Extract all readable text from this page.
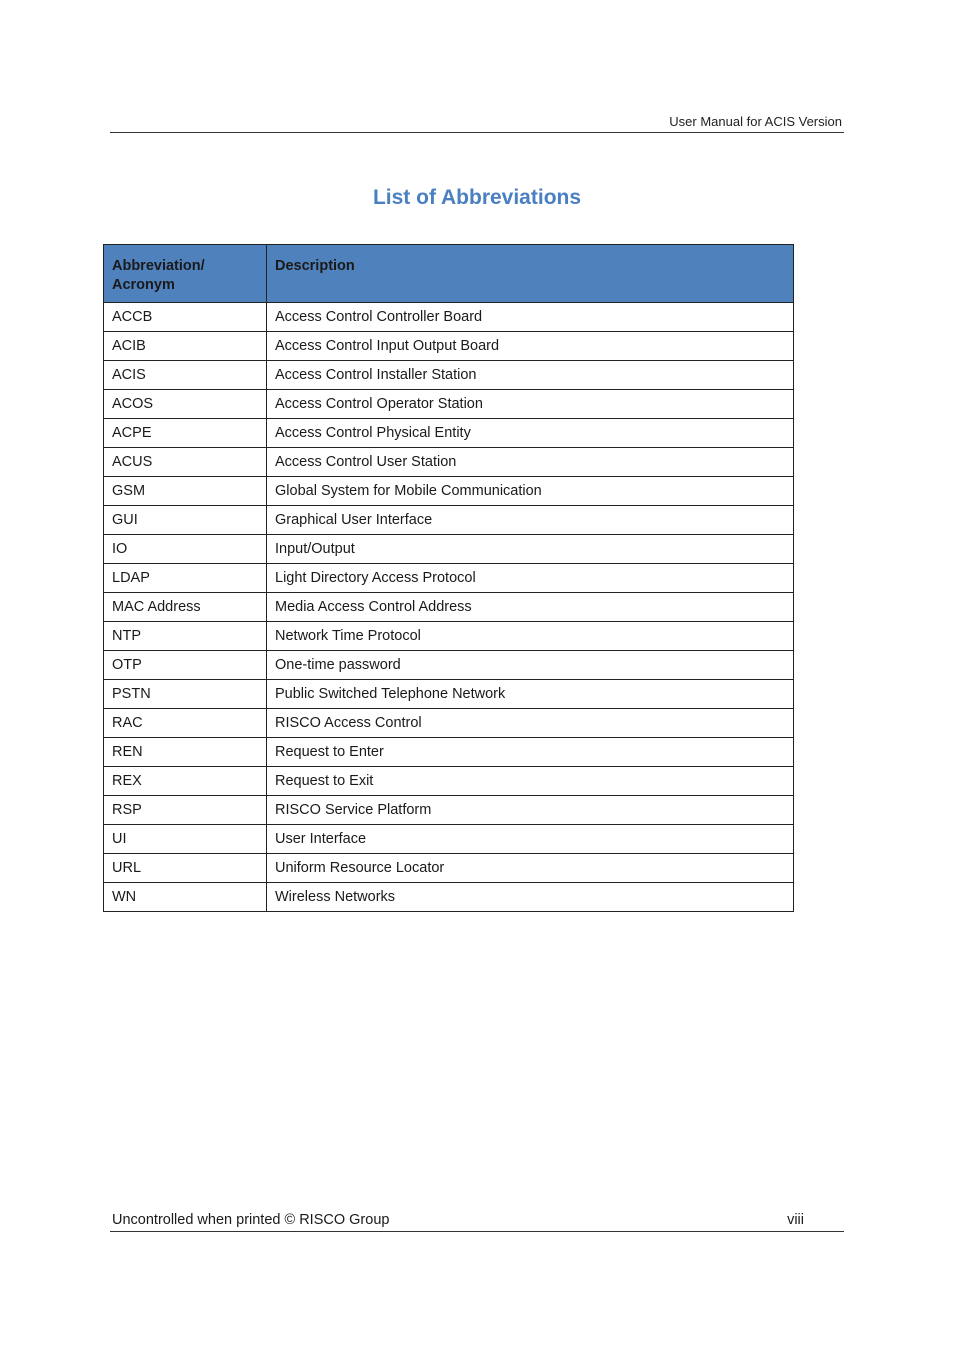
User Manual for ACIS Version
List of Abbreviations
Abbreviation/ Acronym	Description
ACCB	Access Control Controller Board
ACIB	Access Control Input Output Board
ACIS	Access Control Installer Station
ACOS	Access Control Operator Station
ACPE	Access Control Physical Entity
ACUS	Access Control User Station
GSM	Global System for Mobile Communication
GUI	Graphical User Interface
IO	Input/Output
LDAP	Light Directory Access Protocol
MAC Address	Media Access Control Address
NTP	Network Time Protocol
OTP	One-time password
PSTN	Public Switched Telephone Network
RAC	RISCO Access Control
REN	Request to Enter
REX	Request to Exit
RSP	RISCO Service Platform
UI	User Interface
URL	Uniform Resource Locator
WN	Wireless Networks
Uncontrolled when printed © RISCO Group	viii
